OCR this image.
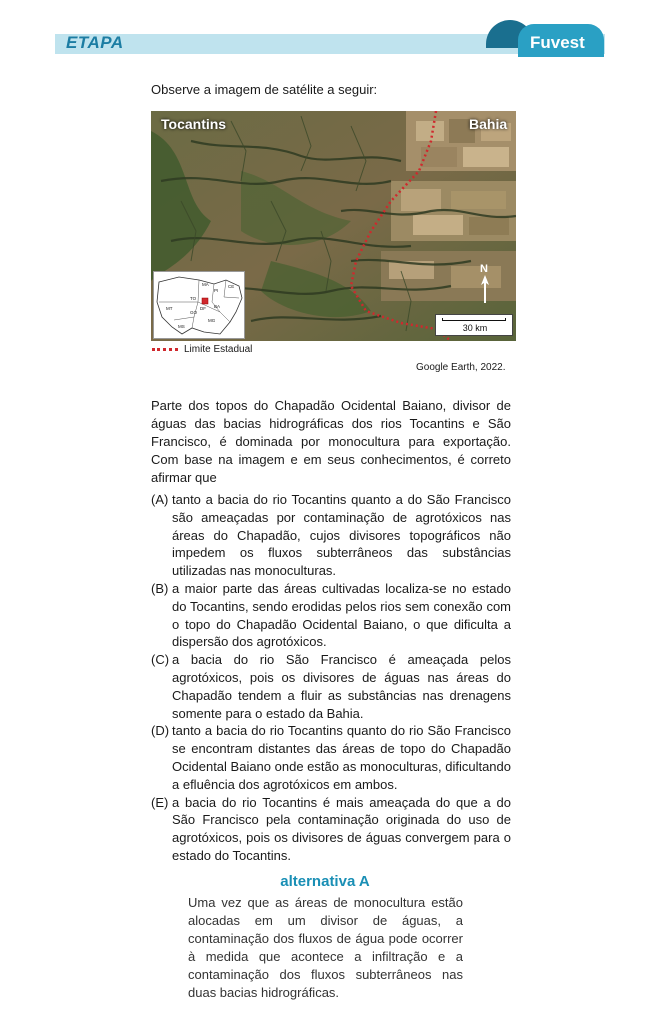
ETAPA	Fuvest
Observe a imagem de satélite a seguir:
Tocantins	Bahia
TO
BA
MT
GO
DF
MG
MS
PI
CE
MA
N
30 km
Limite Estadual
Google Earth, 2022.
Parte dos topos do Chapadão Ocidental Baiano, divisor de águas das bacias hidrográficas dos rios Tocantins e São Francisco, é dominada por monocultura para exportação. Com base na imagem e em seus conhecimentos, é correto afirmar que
(A) tanto a bacia do rio Tocantins quanto a do São Francisco são ameaçadas por contaminação de agrotóxicos nas áreas do Chapadão, cujos divisores topográficos não impedem os fluxos subterrâneos das substâncias utilizadas nas monoculturas.
(B) a maior parte das áreas cultivadas localiza-se no estado do Tocantins, sendo erodidas pelos rios sem conexão com o topo do Chapadão Ocidental Baiano, o que dificulta a dispersão dos agrotóxicos.
(C) a bacia do rio São Francisco é ameaçada pelos agrotóxicos, pois os divisores de águas nas áreas do Chapadão tendem a fluir as substâncias nas drenagens somente para o estado da Bahia.
(D) tanto a bacia do rio Tocantins quanto do rio São Francisco se encontram distantes das áreas de topo do Chapadão Ocidental Baiano onde estão as monoculturas, dificultando a efluência dos agrotóxicos em ambos.
(E) a bacia do rio Tocantins é mais ameaçada do que a do São Francisco pela contaminação originada do uso de agrotóxicos, pois os divisores de águas convergem para o estado do Tocantins.
alternativa A
Uma vez que as áreas de monocultura estão alocadas em um divisor de águas, a contaminação dos fluxos de água pode ocorrer à medida que acontece a infiltração e a contaminação dos fluxos subterrâneos nas duas bacias hidrográficas.
